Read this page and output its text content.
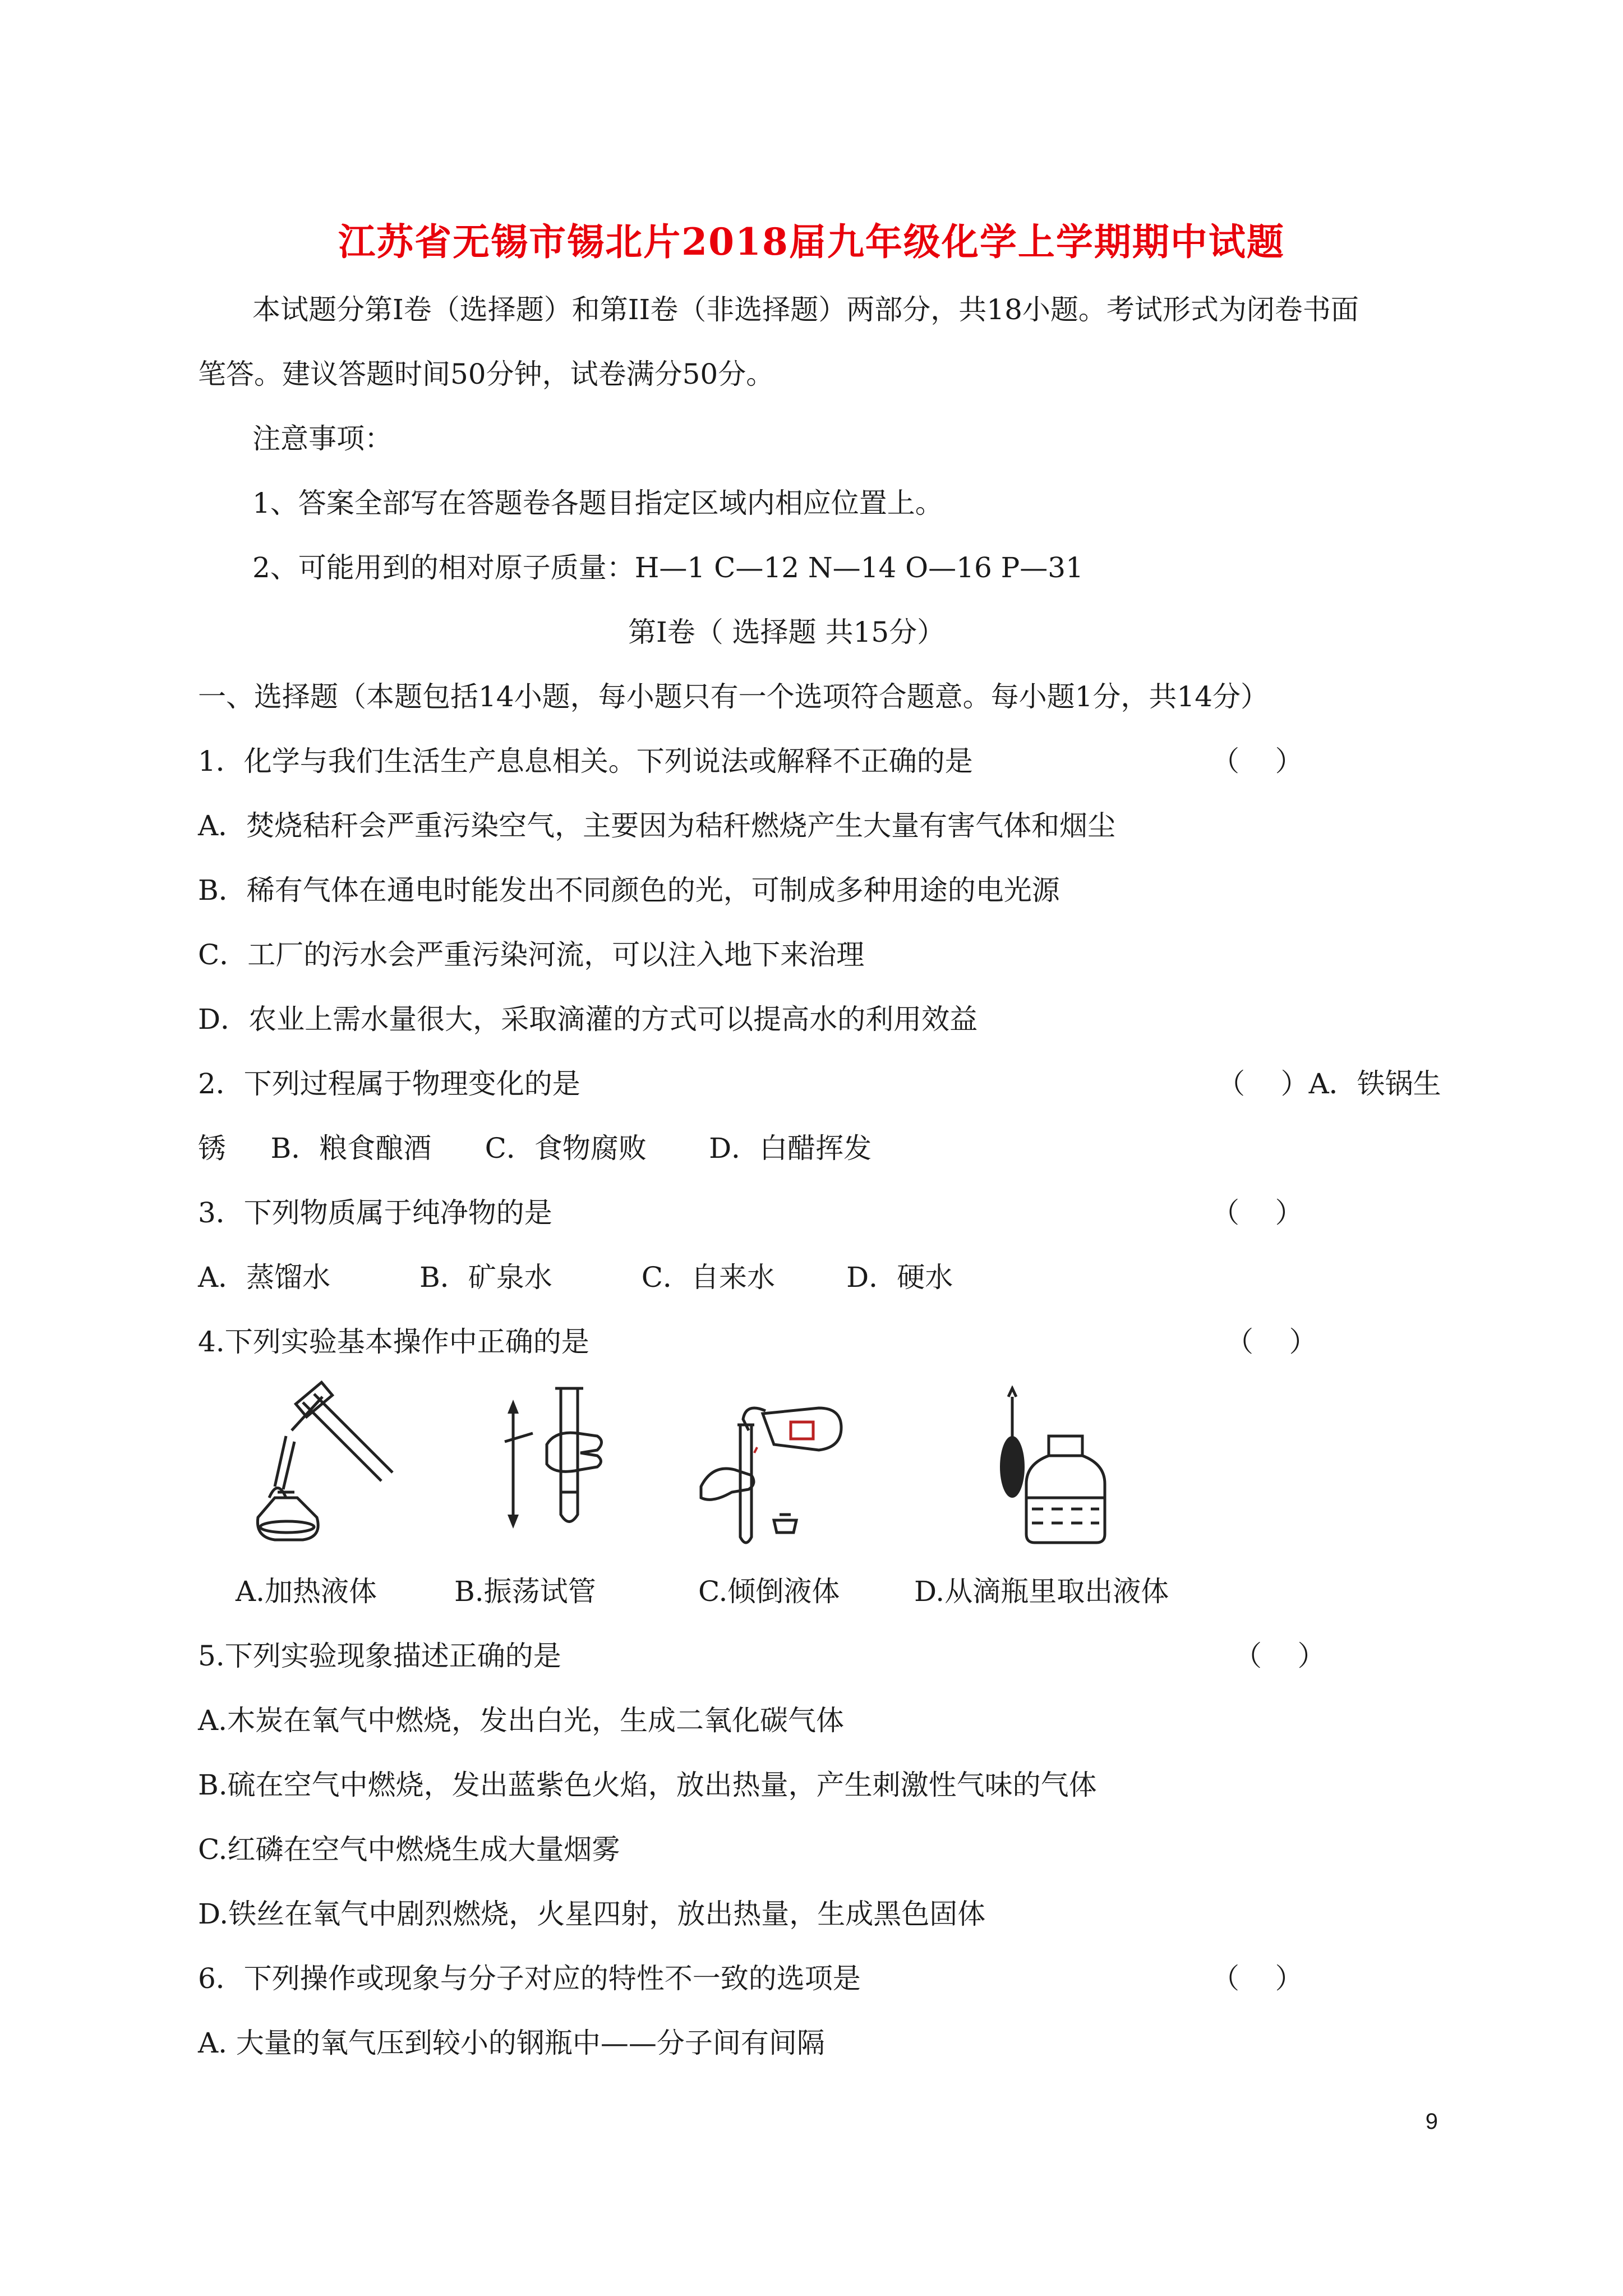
江苏省无锡市锡北片2018届九年级化学上学期期中试题
本试题分第Ⅰ卷（选择题）和第II卷（非选择题）两部分，共18小题。考试形式为闭卷书面
笔答。建议答题时间50分钟，试卷满分50分。
注意事项：
1、答案全部写在答题卷各题目指定区域内相应位置上。
2、可能用到的相对原子质量：H—1 C—12 N—14 O—16 P—31
第Ⅰ卷（ 选择题 共15分）
一、选择题（本题包括14小题，每小题只有一个选项符合题意。每小题1分，共14分）
1．化学与我们生活生产息息相关。下列说法或解释不正确的是	（    ）
A．焚烧秸秆会严重污染空气，主要因为秸秆燃烧产生大量有害气体和烟尘
B．稀有气体在通电时能发出不同颜色的光，可制成多种用途的电光源
C．工厂的污水会严重污染河流，可以注入地下来治理
D．农业上需水量很大，采取滴灌的方式可以提高水的利用效益
2．下列过程属于物理变化的是	（    ）A．铁锅生
锈     B．粮食酿酒      C．食物腐败       D．白醋挥发
3．下列物质属于纯净物的是	（    ）
A．蒸馏水          B．矿泉水          C．自来水        D．硬水
4.下列实验基本操作中正确的是	（    ）
A.加热液体	B.振荡试管	C.倾倒液体	D.从滴瓶里取出液体
5.下列实验现象描述正确的是	（    ）
A.木炭在氧气中燃烧，发出白光，生成二氧化碳气体
B.硫在空气中燃烧，发出蓝紫色火焰，放出热量，产生刺激性气味的气体
C.红磷在空气中燃烧生成大量烟雾
D.铁丝在氧气中剧烈燃烧，火星四射，放出热量，生成黑色固体
6．下列操作或现象与分子对应的特性不一致的选项是	（    ）
A. 大量的氧气压到较小的钢瓶中——分子间有间隔
9
